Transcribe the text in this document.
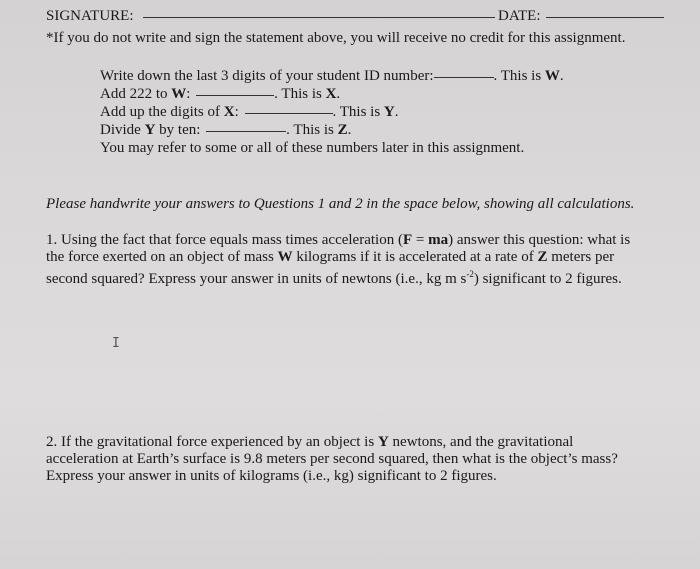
SIGNATURE:	DATE:
*If you do not write and sign the statement above, you will receive no credit for this assignment.
Write down the last 3 digits of your student ID number:	. This is W.
Add 222 to W:	. This is X.
Add up the digits of X:	. This is Y.
Divide Y by ten:	. This is Z.
You may refer to some or all of these numbers later in this assignment.
Please handwrite your answers to Questions 1 and 2 in the space below, showing all calculations.
1. Using the fact that force equals mass times acceleration (F = ma) answer this question: what is
the force exerted on an object of mass W kilograms if it is accelerated at a rate of Z meters per
second squared? Express your answer in units of newtons (i.e., kg m $s^{-2}$) significant to 2 figures.
I
2. If the gravitational force experienced by an object is Y newtons, and the gravitational
acceleration at Earth’s surface is 9.8 meters per second squared, then what is the object’s mass?
Express your answer in units of kilograms (i.e., kg) significant to 2 figures.
